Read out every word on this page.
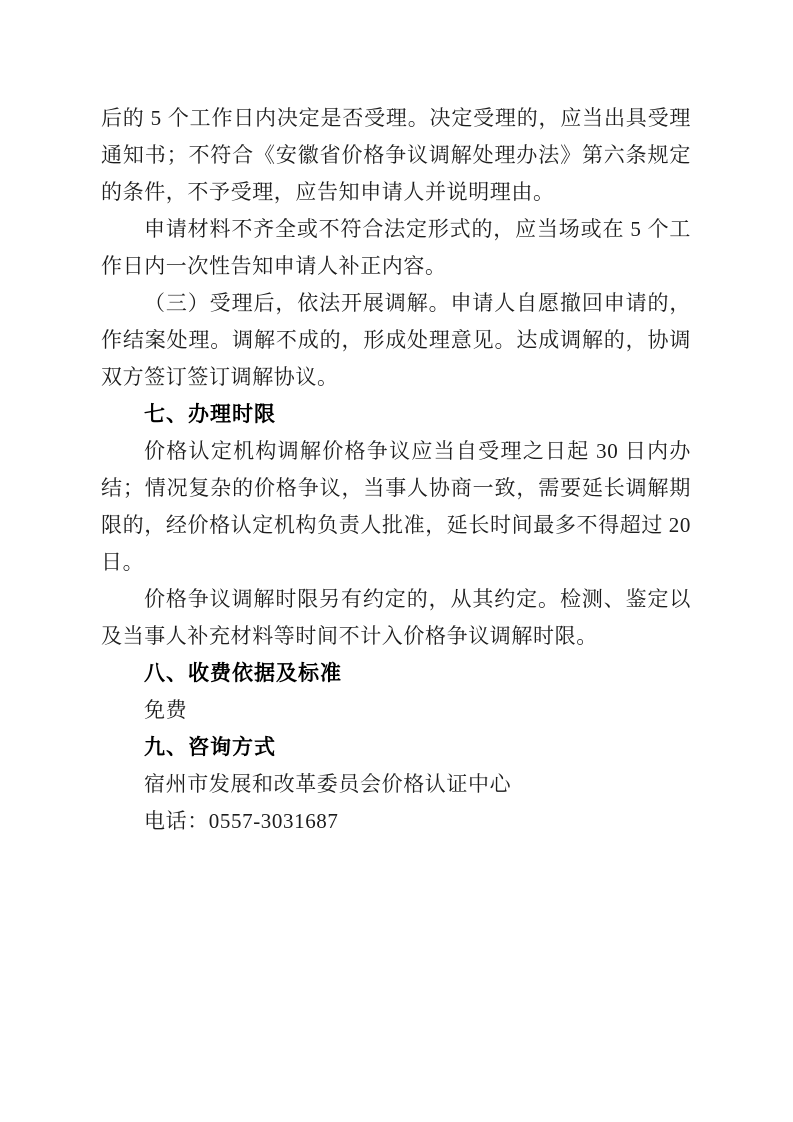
后的 5 个工作日内决定是否受理。决定受理的，应当出具受理通知书；不符合《安徽省价格争议调解处理办法》第六条规定的条件，不予受理，应告知申请人并说明理由。

申请材料不齐全或不符合法定形式的，应当场或在 5 个工作日内一次性告知申请人补正内容。

（三）受理后，依法开展调解。申请人自愿撤回申请的，作结案处理。调解不成的，形成处理意见。达成调解的，协调双方签订签订调解协议。

七、办理时限

价格认定机构调解价格争议应当自受理之日起 30 日内办结；情况复杂的价格争议，当事人协商一致，需要延长调解期限的，经价格认定机构负责人批准，延长时间最多不得超过 20 日。

价格争议调解时限另有约定的，从其约定。检测、鉴定以及当事人补充材料等时间不计入价格争议调解时限。

八、收费依据及标准

免费

九、咨询方式

宿州市发展和改革委员会价格认证中心

电话：0557-3031687
